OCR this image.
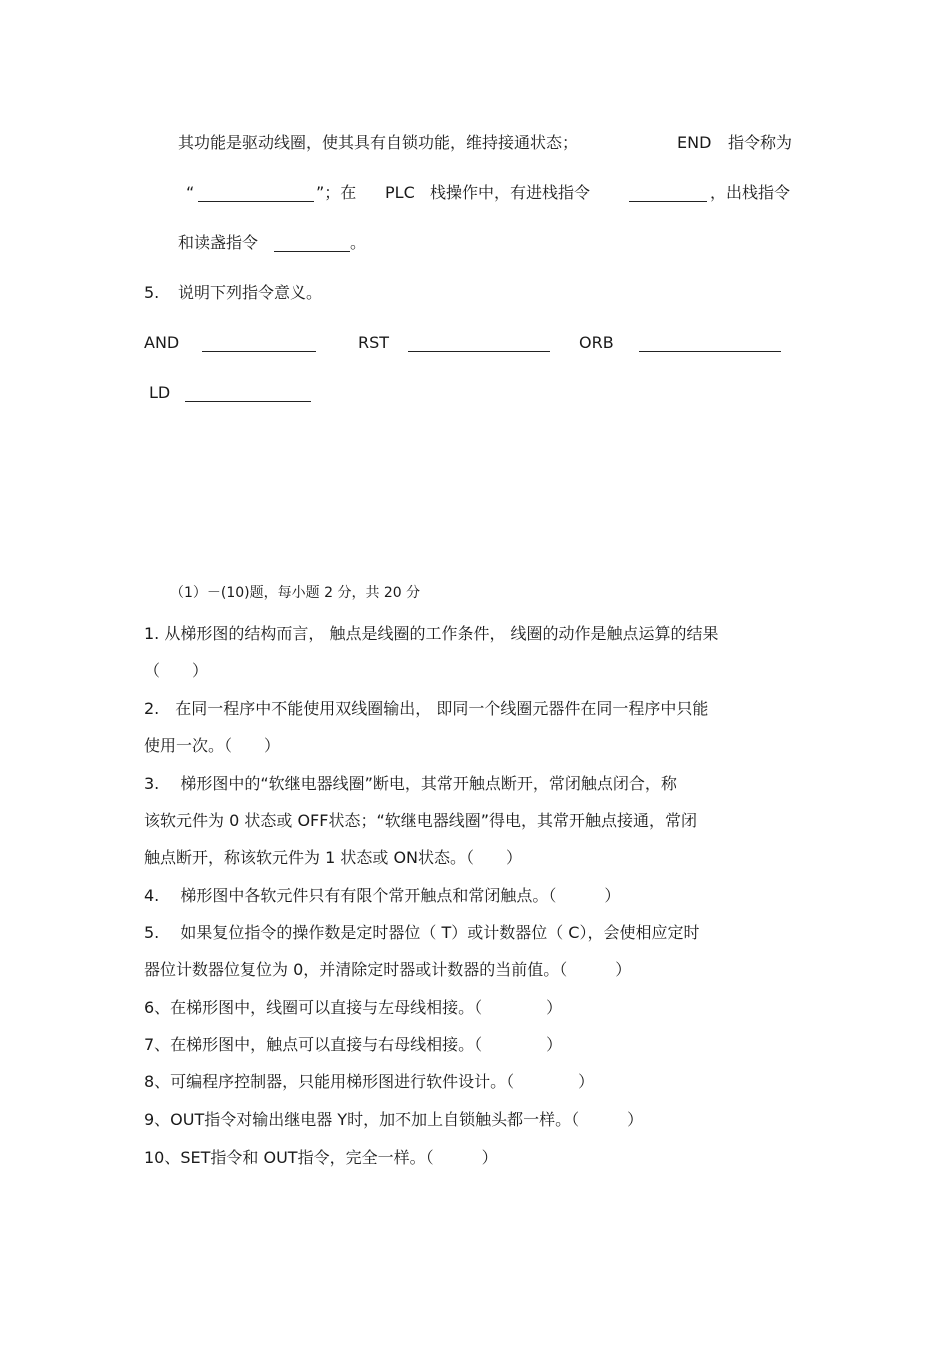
其功能是驱动线圈，使其具有自锁功能，维持接通状态；	END 指令称为
“	”；在 PLC 栈操作中，有进栈指令	，出栈指令
和读盏指令	。
5. 说明下列指令意义。
AND	RST	ORB
LD
（1）－(10)题，每小题 2 分，共 20 分
1. 从梯形图的结构而言， 触点是线圈的工作条件， 线圈的动作是触点运算的结果
（　　）
2.　在同一程序中不能使用双线圈输出， 即同一个线圈元器件在同一程序中只能
使用一次。（　　）
3.　 梯形图中的“软继电器线圈”断电，其常开触点断开，常闭触点闭合，称
该软元件为 0 状态或 OFF状态；“软继电器线圈”得电，其常开触点接通，常闭
触点断开，称该软元件为 1 状态或 ON状态。（　　）
4.　 梯形图中各软元件只有有限个常开触点和常闭触点。（　　　）
5.　 如果复位指令的操作数是定时器位（ T）或计数器位（ C），会使相应定时
器位计数器位复位为 0，并清除定时器或计数器的当前值。（　　　）
6、在梯形图中，线圈可以直接与左母线相接。（　　　　）
7、在梯形图中，触点可以直接与右母线相接。（　　　　）
8、可编程序控制器，只能用梯形图进行软件设计。（　　　　）
9、OUT指令对输出继电器 Y时，加不加上自锁触头都一样。（　　　）
10、SET指令和 OUT指令，完全一样。（　　　）
